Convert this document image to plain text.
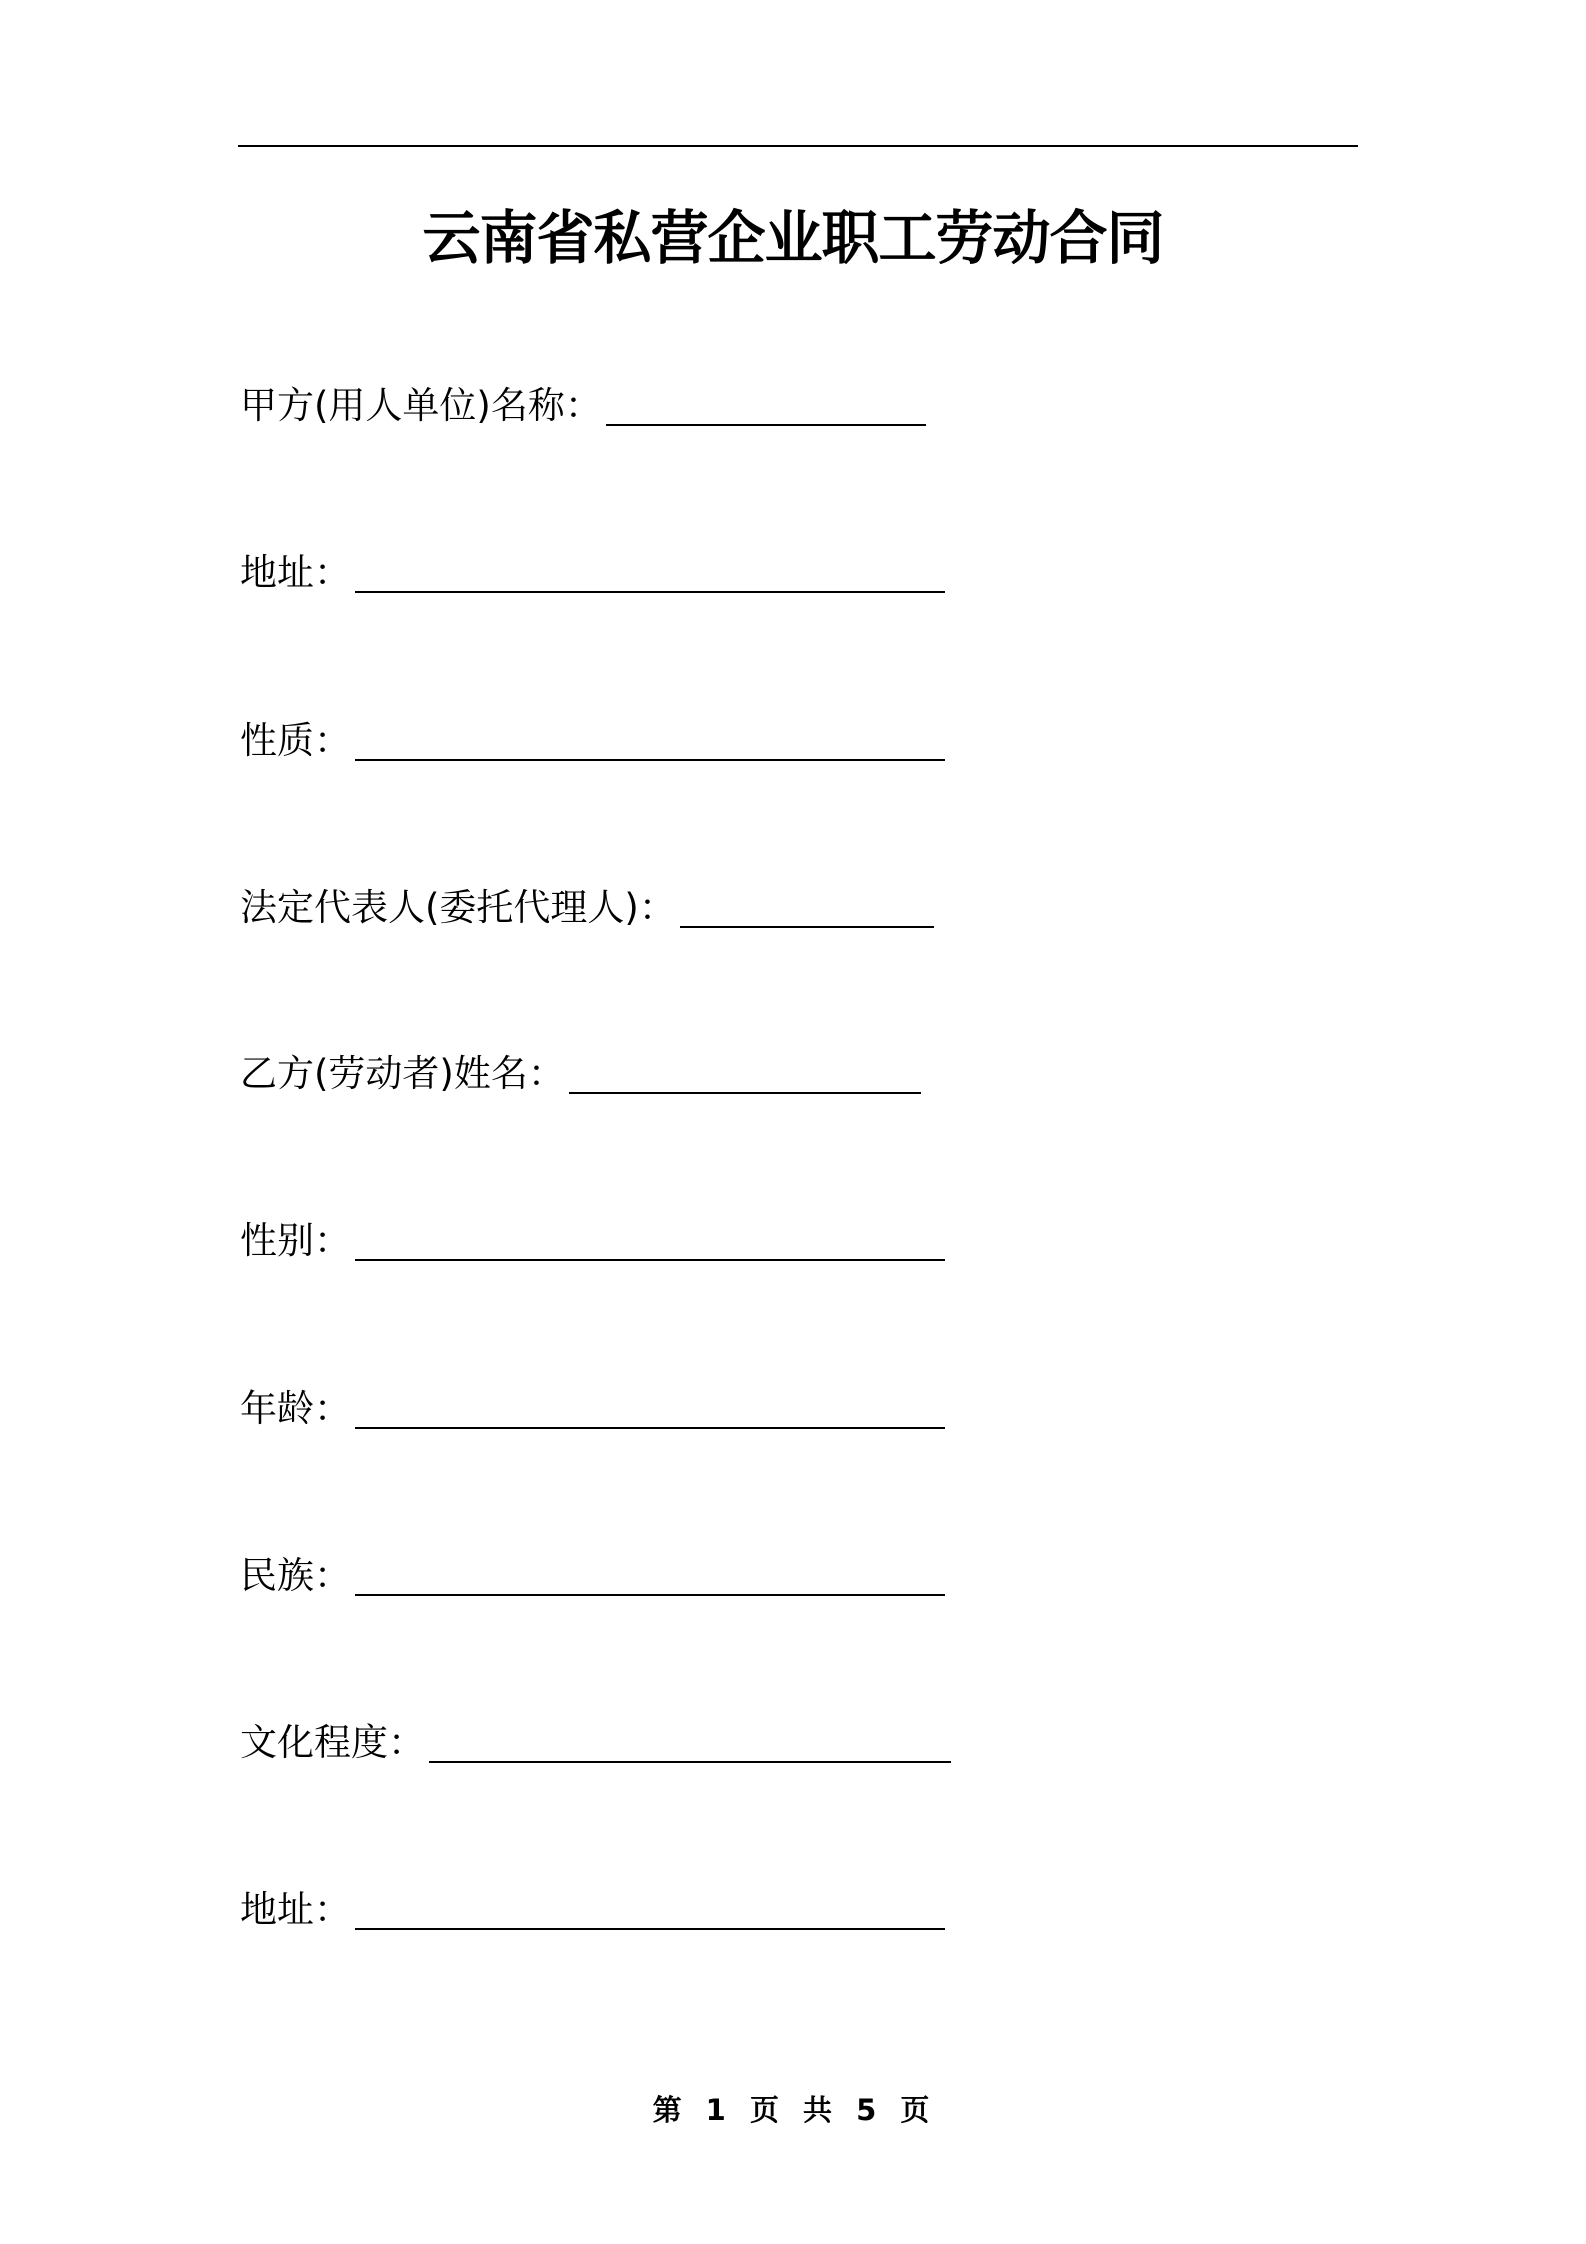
云南省私营企业职工劳动合同
甲方(用人单位)名称：
地址：
性质：
法定代表人(委托代理人)：
乙方(劳动者)姓名：
性别：
年龄：
民族：
文化程度：
地址：
第 1 页 共 5 页
